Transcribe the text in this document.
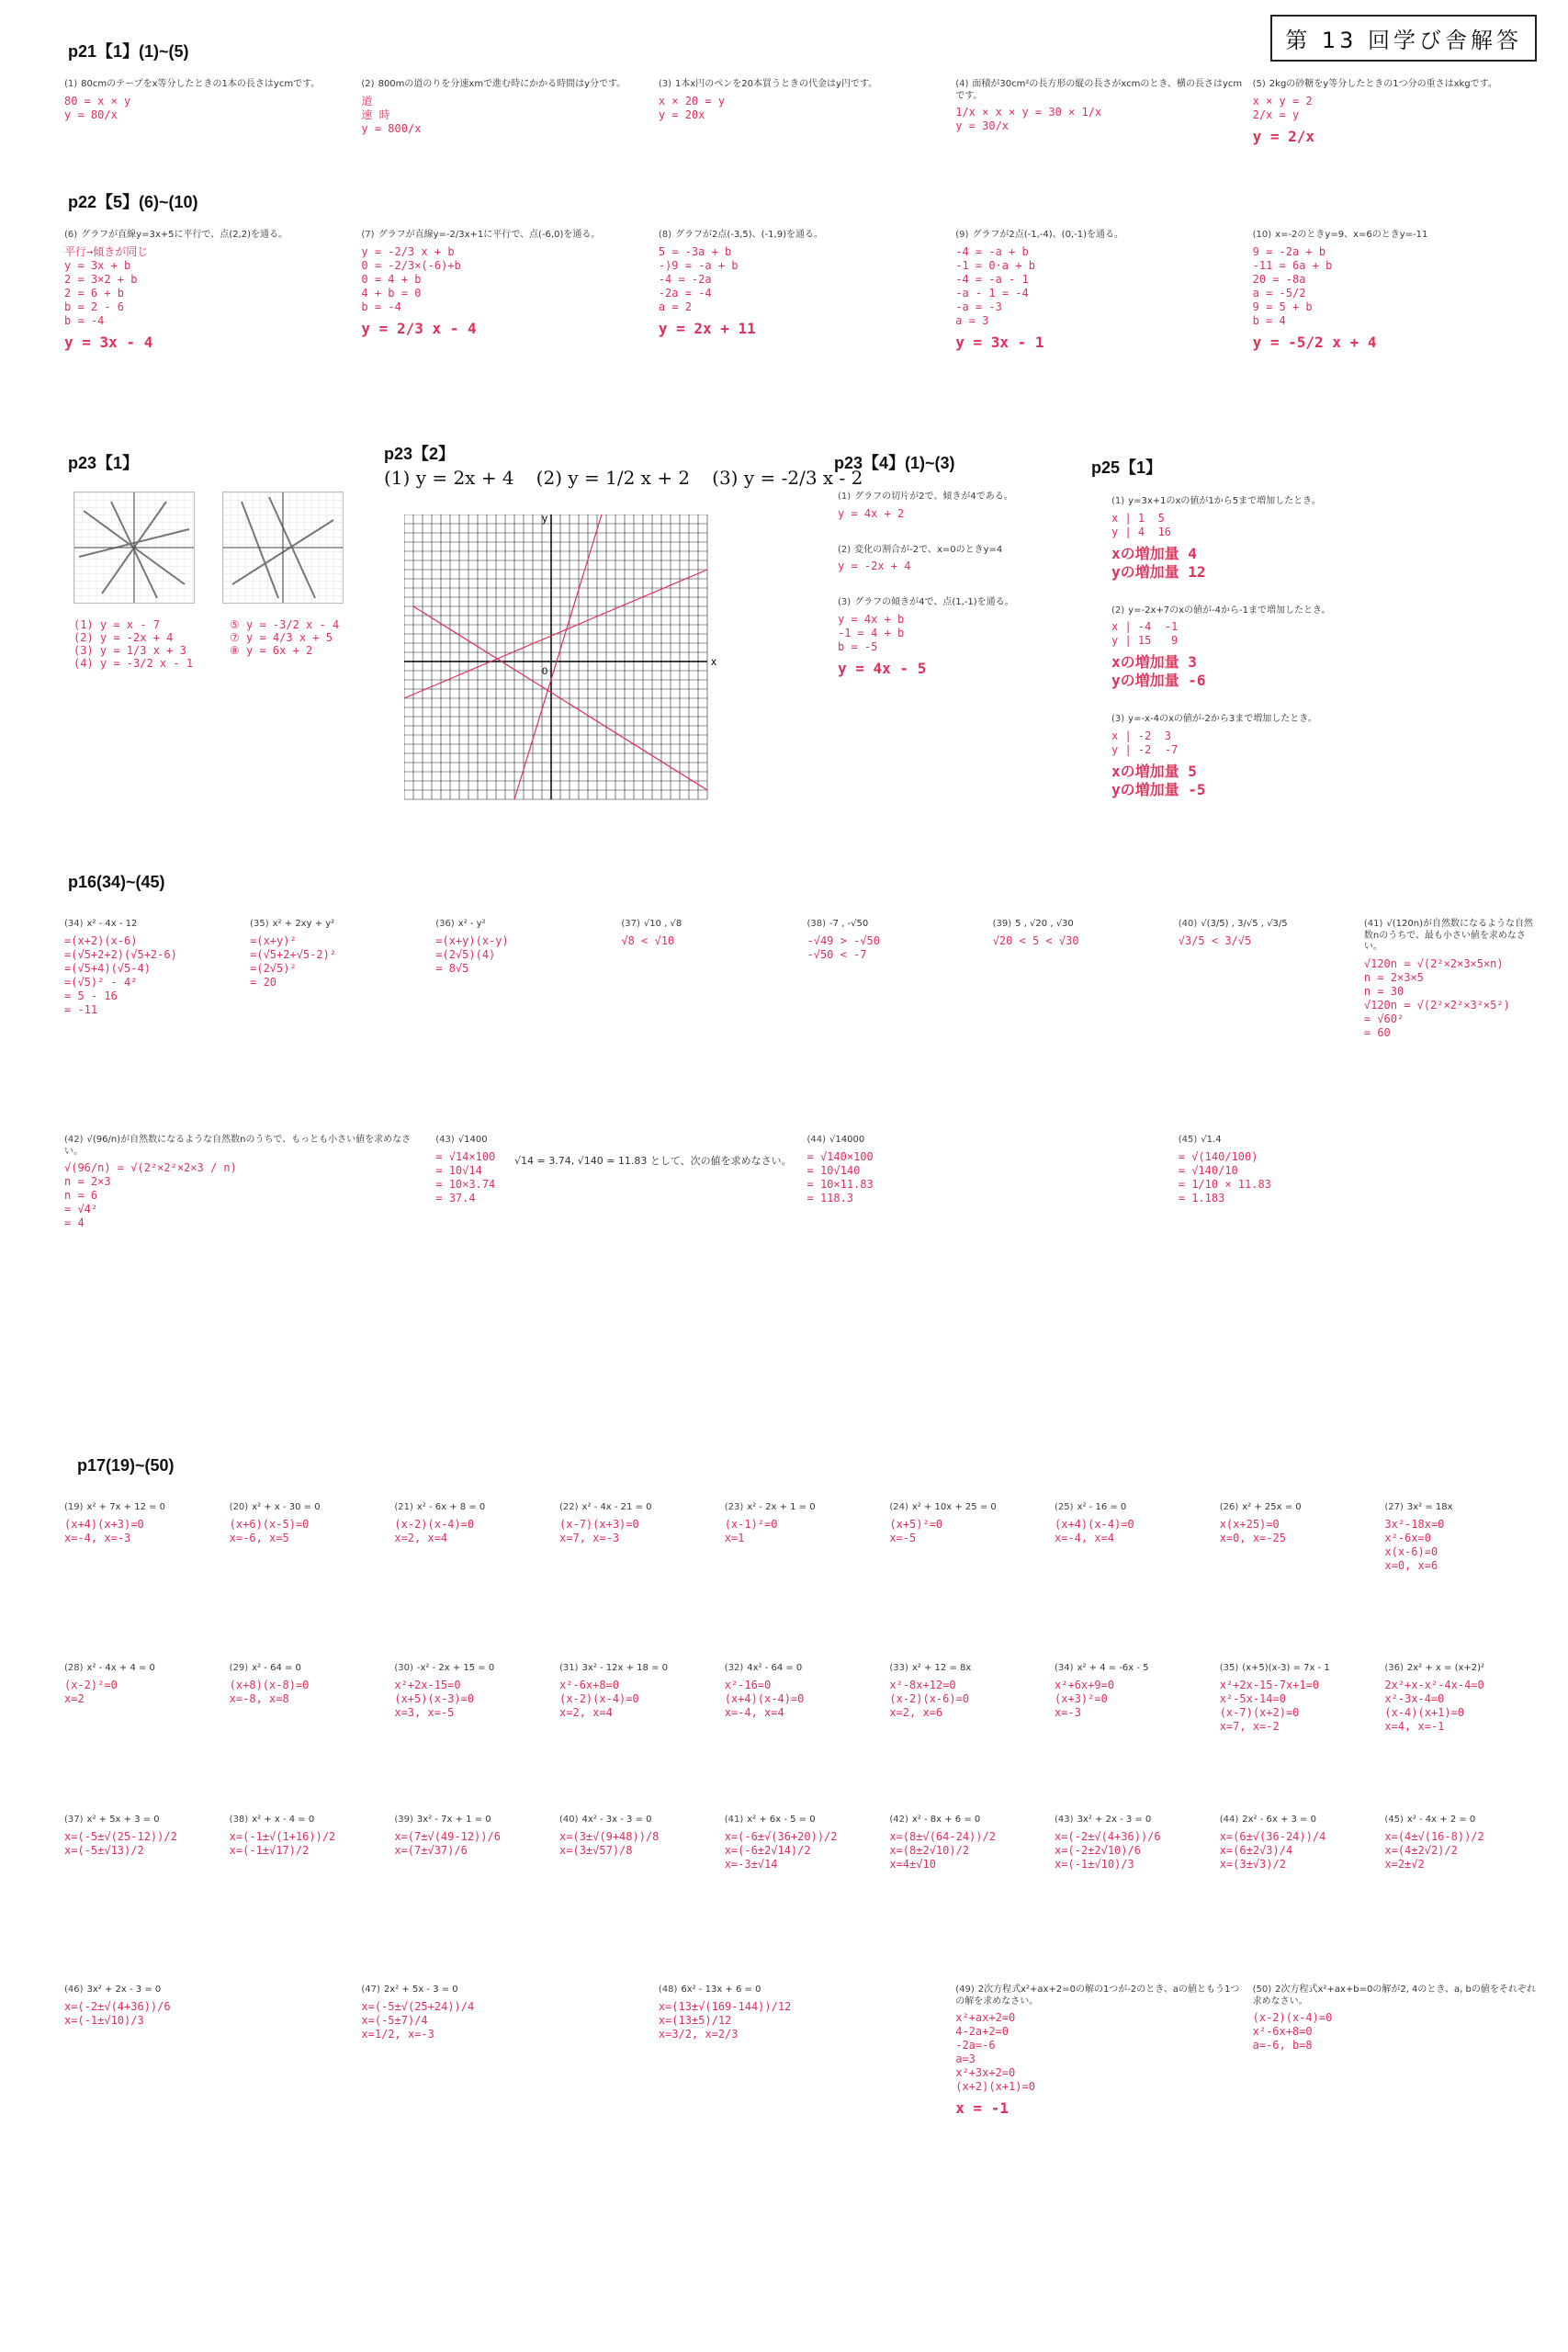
第 13 回学び舎解答
p21【1】(1)~(5)
(1) 80cmのテープをx等分したときの1本の長さはycmです。
80 = x × y
y = 80/x
(2) 800mの道のりを分速xmで進む時にかかる時間はy分です。
道
速 時
y = 800/x
(3) 1本x円のペンを20本買うときの代金はy円です。
x × 20 = y
y = 20x
(4) 面積が30cm²の長方形の縦の長さがxcmのとき、横の長さはycmです。
1/x × x × y = 30 × 1/x
y = 30/x
(5) 2kgの砂糖をy等分したときの1つ分の重さはxkgです。
x × y = 2
2/x = y
y = 2/x
p22【5】(6)~(10)
(6) グラフが直線y=3x+5に平行で、点(2,2)を通る。
平行→傾きが同じ
y = 3x + b
2 = 3×2 + b
2 = 6 + b
b = 2 - 6
b = -4
y = 3x - 4
(7) グラフが直線y=-2/3x+1に平行で、点(-6,0)を通る。
y = -2/3 x + b
0 = -2/3×(-6)+b
0 = 4 + b
4 + b = 0
b = -4
y = 2/3 x - 4
(8) グラフが2点(-3,5)、(-1,9)を通る。
5 = -3a + b
-)9 = -a + b
-4 = -2a
-2a = -4
a = 2
y = 2x + 11
(9) グラフが2点(-1,-4)、(0,-1)を通る。
-4 = -a + b
-1 = 0·a + b
-4 = -a - 1
-a - 1 = -4
-a = -3
a = 3
y = 3x - 1
(10) x=-2のときy=9、x=6のときy=-11
9 = -2a + b
-11 = 6a + b
20 = -8a
a = -5/2
9 = 5 + b
b = 4
y = -5/2 x + 4
p23【1】
(1) y = x - 7
(2) y = -2x + 4
(3) y = 1/3 x + 3
(4) y = -3/2 x - 1
⑤ y = -3/2 x - 4
⑦ y = 4/3 x + 5
⑧ y = 6x + 2
p23【2】
(1) y = 2x + 4 (2) y = 1/2 x + 2 (3) y = -2/3 x - 2
y
x
0
p23【4】(1)~(3)
(1) グラフの切片が2で、傾きが4である。
y = 4x + 2
(2) 変化の割合が-2で、x=0のときy=4
y = -2x + 4
(3) グラフの傾きが4で、点(1,-1)を通る。
y = 4x + b
-1 = 4 + b
b = -5
y = 4x - 5
p25【1】
(1) y=3x+1のxの値が1から5まで増加したとき。
x | 1  5
y | 4  16
xの増加量 4
yの増加量 12
(2) y=-2x+7のxの値が-4から-1まで増加したとき。
x | -4  -1
y | 15   9
xの増加量 3
yの増加量 -6
(3) y=-x-4のxの値が-2から3まで増加したとき。
x | -2  3
y | -2  -7
xの増加量 5
yの増加量 -5
p16(34)~(45)
(34) x² - 4x - 12
=(x+2)(x-6)
=(√5+2+2)(√5+2-6)
=(√5+4)(√5-4)
=(√5)² - 4²
= 5 - 16
= -11
(35) x² + 2xy + y²
=(x+y)²
=(√5+2+√5-2)²
=(2√5)²
= 20
(36) x² - y²
=(x+y)(x-y)
=(2√5)(4)
= 8√5
(37) √10 , √8
√8 < √10
(38) -7 , -√50
-√49 > -√50
-√50 < -7
(39) 5 , √20 , √30
√20 < 5 < √30
(40) √(3/5) , 3/√5 , √3/5
√3/5 < 3/√5
(41) √(120n)が自然数になるような自然数nのうちで、最も小さい値を求めなさい。
√120n = √(2²×2×3×5×n)
n = 2×3×5
n = 30
√120n = √(2²×2²×3²×5²)
= √60²
= 60
√14 = 3.74, √140 = 11.83 として、次の値を求めなさい。
(42) √(96/n)が自然数になるような自然数nのうちで、もっとも小さい値を求めなさい。
√(96/n) = √(2²×2²×2×3 / n)
n = 2×3
n = 6
= √4²
= 4
(43) √1400
= √14×100
= 10√14
= 10×3.74
= 37.4
(44) √14000
= √140×100
= 10√140
= 10×11.83
= 118.3
(45) √1.4
= √(140/100)
= √140/10
= 1/10 × 11.83
= 1.183
p17(19)~(50)
(19) x² + 7x + 12 = 0
(x+4)(x+3)=0
x=-4, x=-3
(20) x² + x - 30 = 0
(x+6)(x-5)=0
x=-6, x=5
(21) x² - 6x + 8 = 0
(x-2)(x-4)=0
x=2, x=4
(22) x² - 4x - 21 = 0
(x-7)(x+3)=0
x=7, x=-3
(23) x² - 2x + 1 = 0
(x-1)²=0
x=1
(24) x² + 10x + 25 = 0
(x+5)²=0
x=-5
(25) x² - 16 = 0
(x+4)(x-4)=0
x=-4, x=4
(26) x² + 25x = 0
x(x+25)=0
x=0, x=-25
(27) 3x² = 18x
3x²-18x=0
x²-6x=0
x(x-6)=0
x=0, x=6
(28) x² - 4x + 4 = 0
(x-2)²=0
x=2
(29) x² - 64 = 0
(x+8)(x-8)=0
x=-8, x=8
(30) -x² - 2x + 15 = 0
x²+2x-15=0
(x+5)(x-3)=0
x=3, x=-5
(31) 3x² - 12x + 18 = 0
x²-6x+8=0
(x-2)(x-4)=0
x=2, x=4
(32) 4x² - 64 = 0
x²-16=0
(x+4)(x-4)=0
x=-4, x=4
(33) x² + 12 = 8x
x²-8x+12=0
(x-2)(x-6)=0
x=2, x=6
(34) x² + 4 = -6x - 5
x²+6x+9=0
(x+3)²=0
x=-3
(35) (x+5)(x-3) = 7x - 1
x²+2x-15-7x+1=0
x²-5x-14=0
(x-7)(x+2)=0
x=7, x=-2
(36) 2x² + x = (x+2)²
2x²+x-x²-4x-4=0
x²-3x-4=0
(x-4)(x+1)=0
x=4, x=-1
(37) x² + 5x + 3 = 0
x=(-5±√(25-12))/2
x=(-5±√13)/2
(38) x² + x - 4 = 0
x=(-1±√(1+16))/2
x=(-1±√17)/2
(39) 3x² - 7x + 1 = 0
x=(7±√(49-12))/6
x=(7±√37)/6
(40) 4x² - 3x - 3 = 0
x=(3±√(9+48))/8
x=(3±√57)/8
(41) x² + 6x - 5 = 0
x=(-6±√(36+20))/2
x=(-6±2√14)/2
x=-3±√14
(42) x² - 8x + 6 = 0
x=(8±√(64-24))/2
x=(8±2√10)/2
x=4±√10
(43) 3x² + 2x - 3 = 0
x=(-2±√(4+36))/6
x=(-2±2√10)/6
x=(-1±√10)/3
(44) 2x² - 6x + 3 = 0
x=(6±√(36-24))/4
x=(6±2√3)/4
x=(3±√3)/2
(45) x² - 4x + 2 = 0
x=(4±√(16-8))/2
x=(4±2√2)/2
x=2±√2
(46) 3x² + 2x - 3 = 0
x=(-2±√(4+36))/6
x=(-1±√10)/3
(47) 2x² + 5x - 3 = 0
x=(-5±√(25+24))/4
x=(-5±7)/4
x=1/2, x=-3
(48) 6x² - 13x + 6 = 0
x=(13±√(169-144))/12
x=(13±5)/12
x=3/2, x=2/3
(49) 2次方程式x²+ax+2=0の解の1つが-2のとき、aの値ともう1つの解を求めなさい。
x²+ax+2=0
4-2a+2=0
-2a=-6
a=3
x²+3x+2=0
(x+2)(x+1)=0
x = -1
(50) 2次方程式x²+ax+b=0の解が2, 4のとき、a, bの値をそれぞれ求めなさい。
(x-2)(x-4)=0
x²-6x+8=0
a=-6, b=8
